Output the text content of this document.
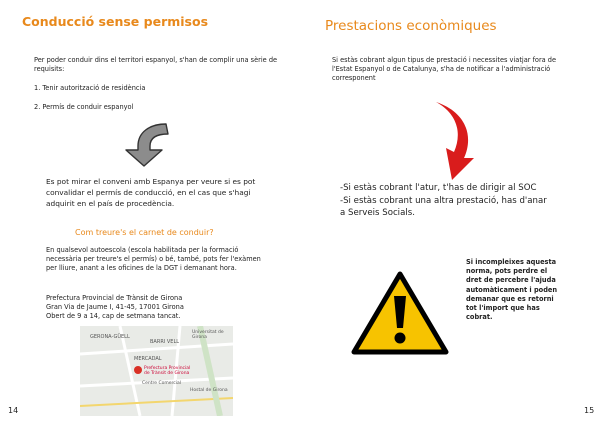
Conducció sense permisos
Per poder conduir dins el territori espanyol, s'han de complir una sèrie de requisits:
1. Tenir autorització de residència
2. Permís de conduir espanyol
Es pot mirar el conveni amb Espanya per veure si es pot convalidar el permís de conducció, en el cas que s'hagi adquirit en el país de procedència.
Com treure's el carnet de conduir?
En qualsevol autoescola (escola habilitada per la formació necessària per treure's el permís) o bé, també, pots fer l'exàmen per lliure, anant a les oficines de la DGT i demanant hora.
Prefectura Provincial de Trànsit de Girona
Gran Via de Jaume I, 41-45, 17001 Girona
Obert de 9 a 14, cap de setmana tancat.
GERONA-GÜELL
BARRI VELL
MERCADAL
Prefectura Provincial de Trànsit de Girona
Centre Comercial
Universitat de Girona
Hostal de Girona
14
Prestacions econòmiques
Si estàs cobrant algun tipus de prestació i necessites viatjar fora de l'Estat Espanyol o de Catalunya, s'ha de notificar a l'administració corresponent
-Si estàs cobrant l'atur, t'has de dirigir al SOC
-Si estàs cobrant una altra prestació, has d'anar a Serveis Socials.
Si incompleixes aquesta norma, pots perdre el dret de percebre l'ajuda automàticament i poden demanar que es retorni tot l'import que has cobrat.
15
